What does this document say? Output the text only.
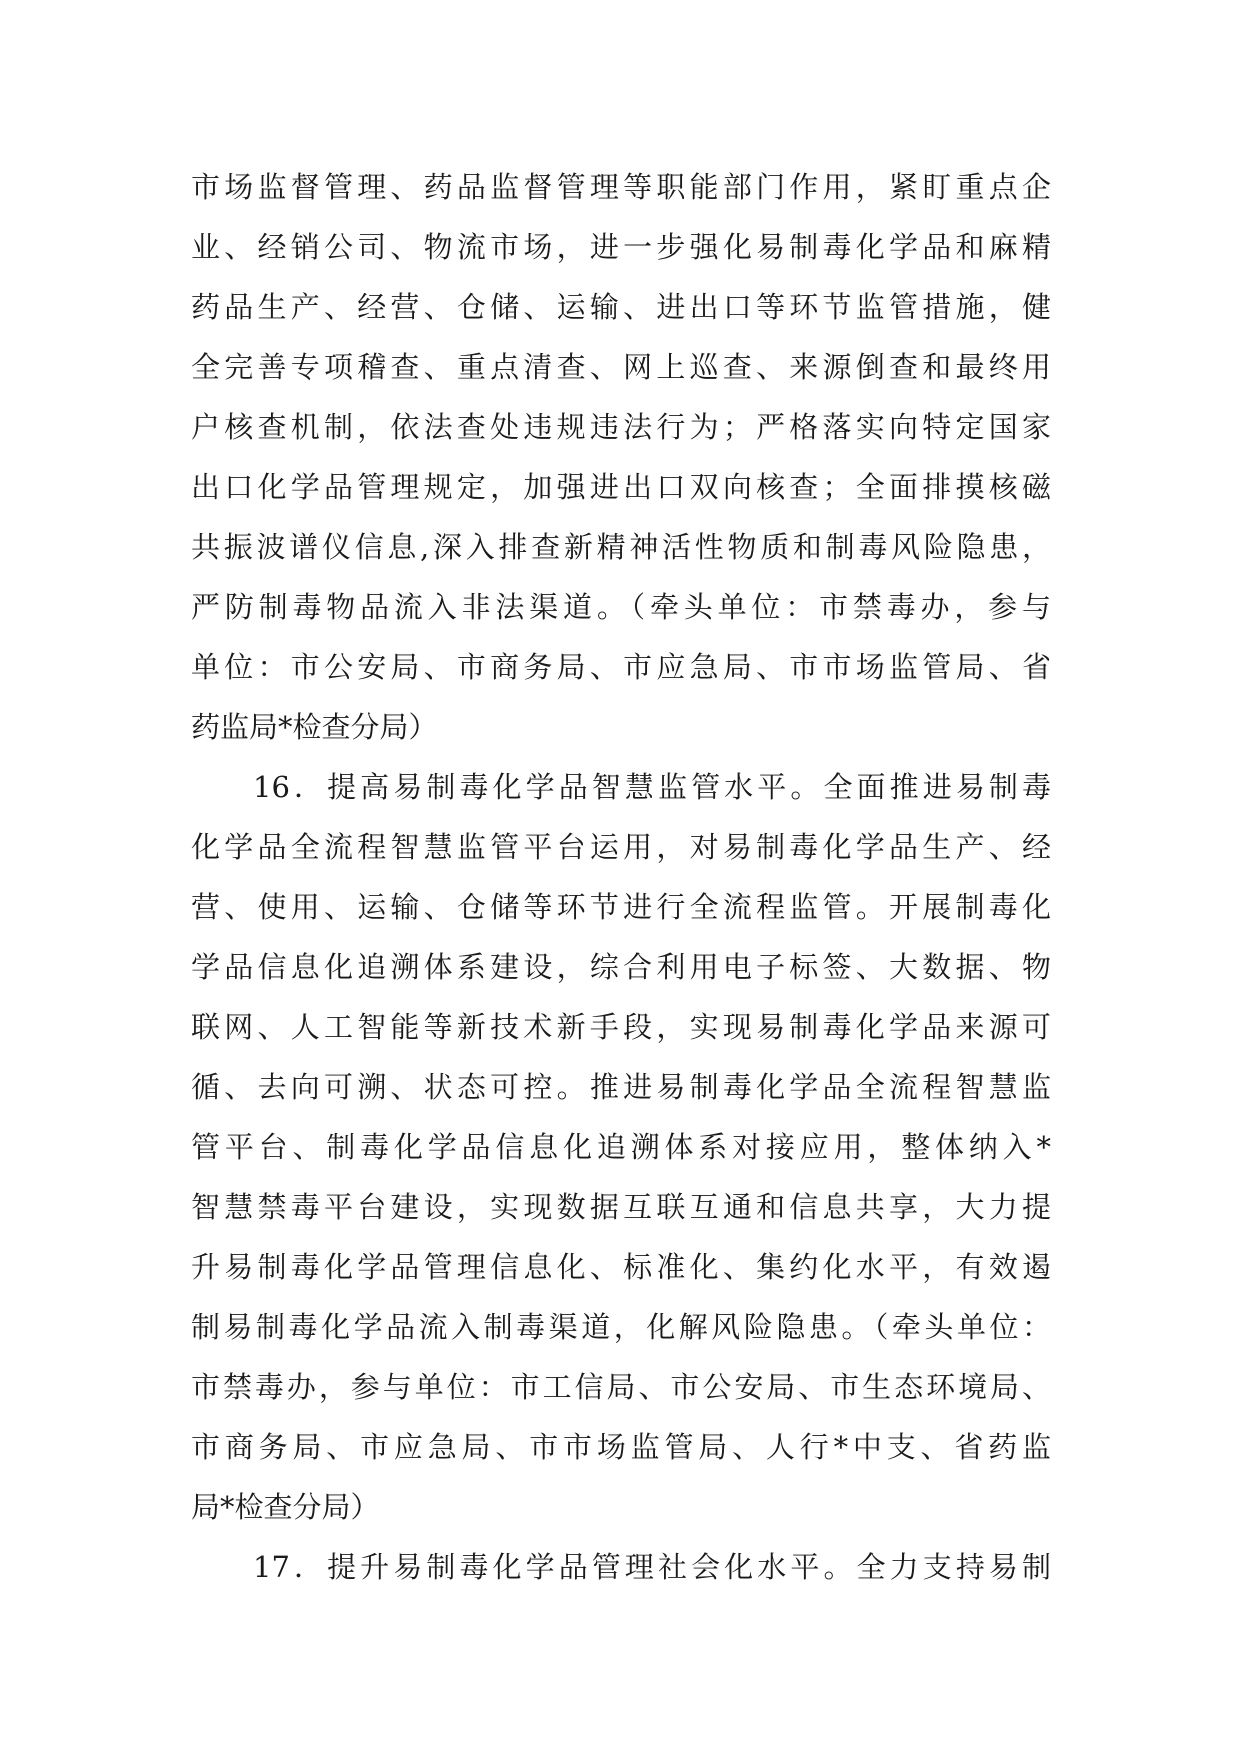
市场监督管理、药品监督管理等职能部门作用，紧盯重点企
业、经销公司、物流市场，进一步强化易制毒化学品和麻精
药品生产、经营、仓储、运输、进出口等环节监管措施，健
全完善专项稽查、重点清查、网上巡查、来源倒查和最终用
户核查机制，依法查处违规违法行为；严格落实向特定国家
出口化学品管理规定，加强进出口双向核查；全面排摸核磁
共振波谱仪信息,深入排查新精神活性物质和制毒风险隐患，
严防制毒物品流入非法渠道。（牵头单位：市禁毒办，参与
单位：市公安局、市商务局、市应急局、市市场监管局、省
药监局*检查分局）
16．提高易制毒化学品智慧监管水平。全面推进易制毒
化学品全流程智慧监管平台运用，对易制毒化学品生产、经
营、使用、运输、仓储等环节进行全流程监管。开展制毒化
学品信息化追溯体系建设，综合利用电子标签、大数据、物
联网、人工智能等新技术新手段，实现易制毒化学品来源可
循、去向可溯、状态可控。推进易制毒化学品全流程智慧监
管平台、制毒化学品信息化追溯体系对接应用，整体纳入*
智慧禁毒平台建设，实现数据互联互通和信息共享，大力提
升易制毒化学品管理信息化、标准化、集约化水平，有效遏
制易制毒化学品流入制毒渠道，化解风险隐患。（牵头单位：
市禁毒办，参与单位：市工信局、市公安局、市生态环境局、
市商务局、市应急局、市市场监管局、人行*中支、省药监
局*检查分局）
17．提升易制毒化学品管理社会化水平。全力支持易制
